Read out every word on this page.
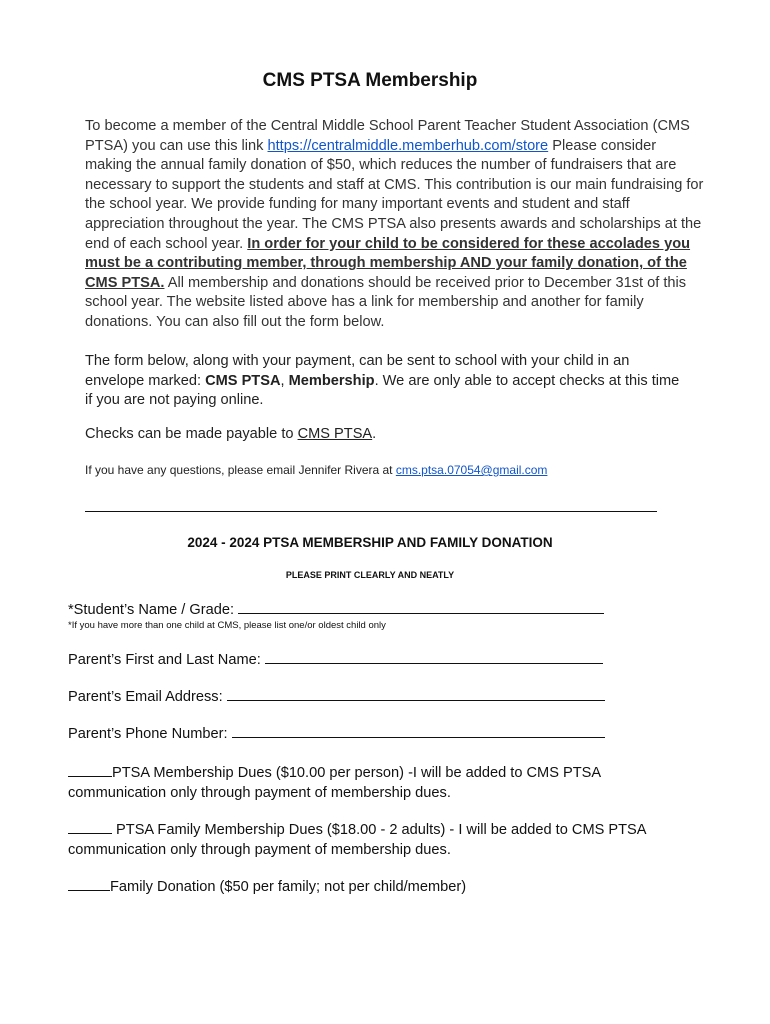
CMS PTSA Membership
To become a member of the Central Middle School Parent Teacher Student Association (CMS PTSA) you can use this link https://centralmiddle.memberhub.com/store Please consider making the annual family donation of $50, which reduces the number of fundraisers that are necessary to support the students and staff at CMS. This contribution is our main fundraising for the school year. We provide funding for many important events and student and staff appreciation throughout the year. The CMS PTSA also presents awards and scholarships at the end of each school year. In order for your child to be considered for these accolades you must be a contributing member, through membership AND your family donation, of the CMS PTSA. All membership and donations should be received prior to December 31st of this school year. The website listed above has a link for membership and another for family donations. You can also fill out the form below.
The form below, along with your payment, can be sent to school with your child in an envelope marked: CMS PTSA, Membership. We are only able to accept checks at this time if you are not paying online.
Checks can be made payable to CMS PTSA.
If you have any questions, please email Jennifer Rivera at cms.ptsa.07054@gmail.com
2024 - 2024 PTSA MEMBERSHIP AND FAMILY DONATION
PLEASE PRINT CLEARLY AND NEATLY
*Student’s Name / Grade:
*If you have more than one child at CMS, please list one/or oldest child only
Parent’s First and Last Name:
Parent’s Email Address:
Parent’s Phone Number:
PTSA Membership Dues ($10.00 per person) -I will be added to CMS PTSA communication only through payment of membership dues.
PTSA Family Membership Dues ($18.00 - 2 adults) - I will be added to CMS PTSA communication only through payment of membership dues.
Family Donation ($50 per family; not per child/member)
